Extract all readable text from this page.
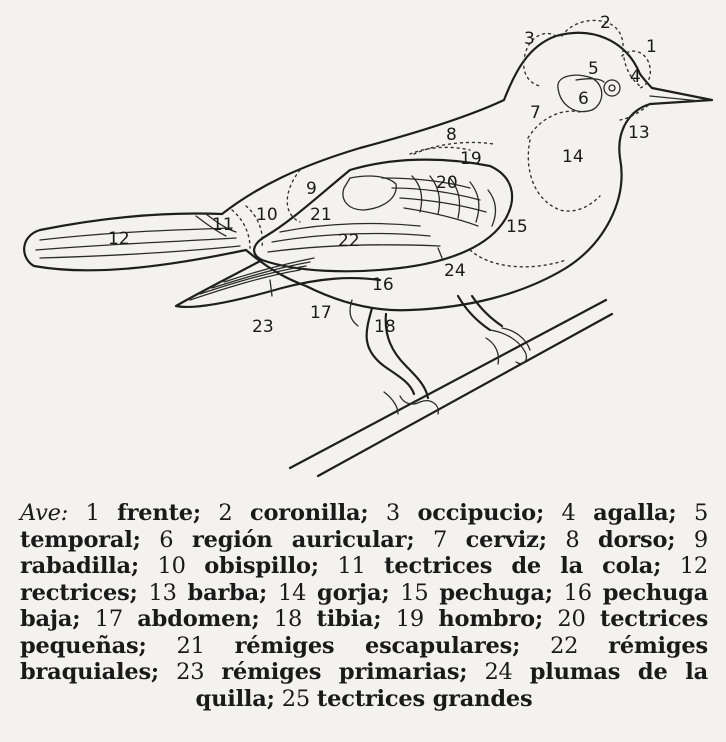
1
2
3
4
5
6
7
8
9
10
11
12
13
14
15
16
17
18
19
20
21
22
23
24
Ave: 1 frente; 2 coronilla; 3 occipucio; 4 agalla; 5 temporal; 6 región auricular; 7 cerviz; 8 dorso; 9 rabadilla; 10 obispillo; 11 tectrices de la cola; 12 rectrices; 13 barba; 14 gorja; 15 pechuga; 16 pechuga baja; 17 abdomen; 18 tibia; 19 hombro; 20 tectrices pequeñas; 21 rémiges escapulares; 22 rémiges braquiales; 23 rémiges primarias; 24 plumas de la quilla; 25 tectrices grandes
